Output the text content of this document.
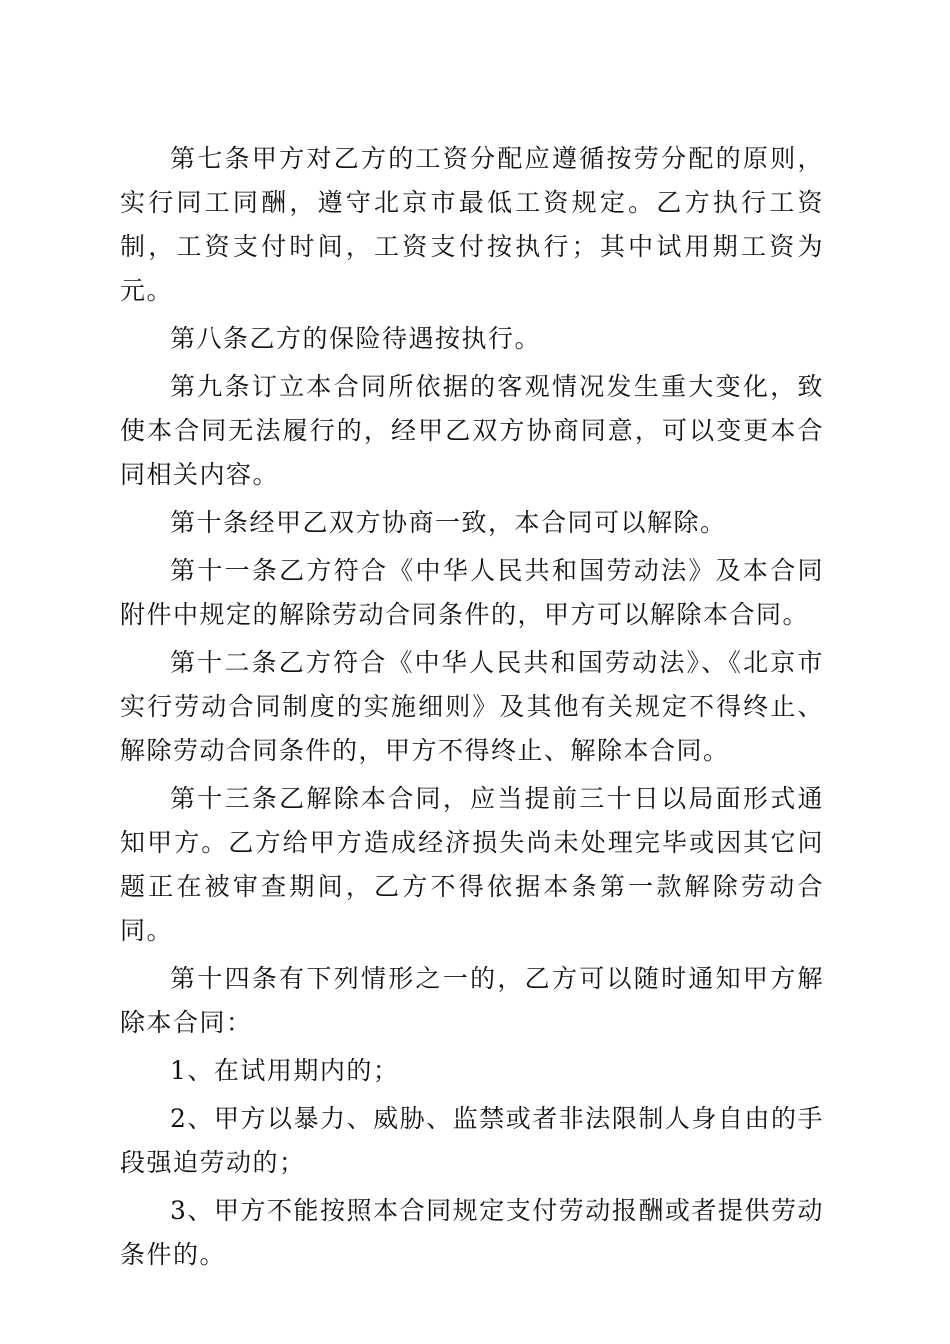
第七条甲方对乙方的工资分配应遵循按劳分配的原则，实行同工同酬，遵守北京市最低工资规定。乙方执行工资制，工资支付时间，工资支付按执行；其中试用期工资为元。

第八条乙方的保险待遇按执行。

第九条订立本合同所依据的客观情况发生重大变化，致使本合同无法履行的，经甲乙双方协商同意，可以变更本合同相关内容。

第十条经甲乙双方协商一致，本合同可以解除。

第十一条乙方符合《中华人民共和国劳动法》及本合同附件中规定的解除劳动合同条件的，甲方可以解除本合同。

第十二条乙方符合《中华人民共和国劳动法》、《北京市实行劳动合同制度的实施细则》及其他有关规定不得终止、解除劳动合同条件的，甲方不得终止、解除本合同。

第十三条乙解除本合同，应当提前三十日以局面形式通知甲方。乙方给甲方造成经济损失尚未处理完毕或因其它问题正在被审查期间，乙方不得依据本条第一款解除劳动合同。

第十四条有下列情形之一的，乙方可以随时通知甲方解除本合同：

1、在试用期内的；

2、甲方以暴力、威胁、监禁或者非法限制人身自由的手段强迫劳动的；

3、甲方不能按照本合同规定支付劳动报酬或者提供劳动条件的。
